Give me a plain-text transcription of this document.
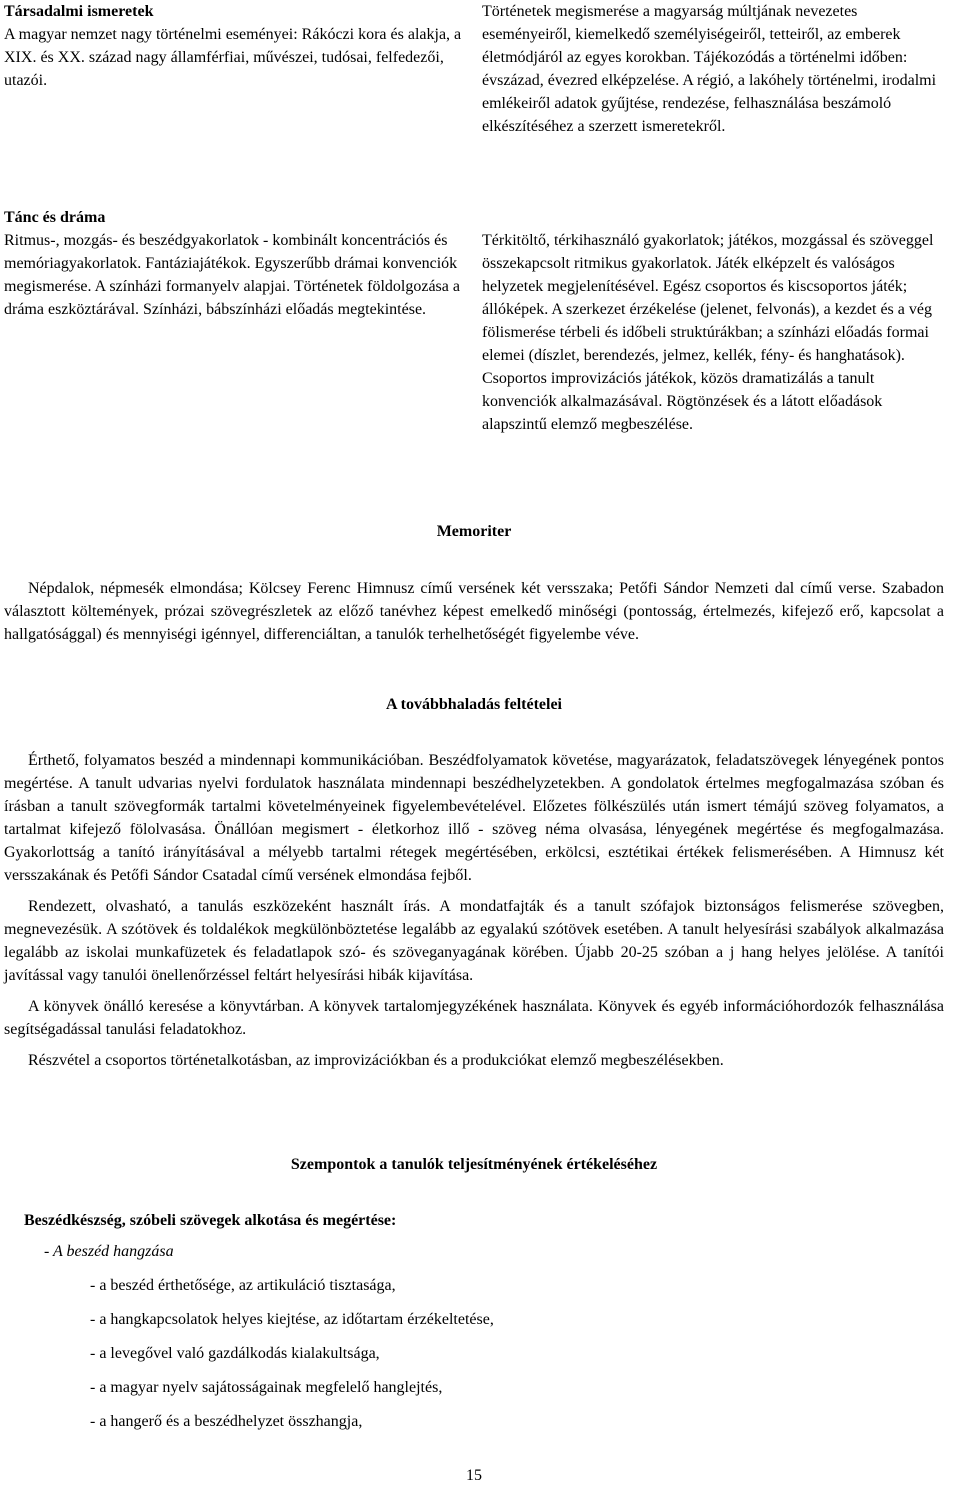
Társadalmi ismeretek

A magyar nemzet nagy történelmi eseményei: Rákóczi kora és alakja, a XIX. és XX. század nagy államférfiai, művészei, tudósai, felfedezői, utazói.

Történetek megismerése a magyarság múltjának nevezetes eseményeiről, kiemelkedő személyiségeiről, tetteiről, az emberek életmódjáról az egyes korokban. Tájékozódás a történelmi időben: évszázad, évezred elképzelése. A régió, a lakóhely történelmi, irodalmi emlékeiről adatok gyűjtése, rendezése, felhasználása beszámoló elkészítéséhez a szerzett ismeretekről.

Tánc és dráma

Ritmus-, mozgás- és beszédgyakorlatok - kombinált koncentrációs és memóriagyakorlatok. Fantáziajátékok. Egyszerűbb drámai konvenciók megismerése. A színházi formanyelv alapjai. Történetek földolgozása a dráma eszköztárával. Színházi, bábszínházi előadás megtekintése.

Térkitöltő, térkihasználó gyakorlatok; játékos, mozgással és szöveggel összekapcsolt ritmikus gyakorlatok. Játék elképzelt és valóságos helyzetek megjelenítésével. Egész csoportos és kiscsoportos játék; állóképek. A szerkezet érzékelése (jelenet, felvonás), a kezdet és a vég fölismerése térbeli és időbeli struktúrákban; a színházi előadás formai elemei (díszlet, berendezés, jelmez, kellék, fény- és hanghatások). Csoportos improvizációs játékok, közös dramatizálás a tanult konvenciók alkalmazásával. Rögtönzések és a látott előadások alapszintű elemző megbeszélése.

Memoriter

Népdalok, népmesék elmondása; Kölcsey Ferenc Himnusz című versének két versszaka; Petőfi Sándor Nemzeti dal című verse. Szabadon választott költemények, prózai szövegrészletek az előző tanévhez képest emelkedő minőségi (pontosság, értelmezés, kifejező erő, kapcsolat a hallgatósággal) és mennyiségi igénnyel, differenciáltan, a tanulók terhelhetőségét figyelembe véve.

A továbbhaladás feltételei

Érthető, folyamatos beszéd a mindennapi kommunikációban. Beszédfolyamatok követése, magyarázatok, feladatszövegek lényegének pontos megértése. A tanult udvarias nyelvi fordulatok használata mindennapi beszédhelyzetekben. A gondolatok értelmes megfogalmazása szóban és írásban a tanult szövegformák tartalmi követelményeinek figyelembevételével. Előzetes fölkészülés után ismert témájú szöveg folyamatos, a tartalmat kifejező fölolvasása. Önállóan megismert - életkorhoz illő - szöveg néma olvasása, lényegének megértése és megfogalmazása. Gyakorlottság a tanító irányításával a mélyebb tartalmi rétegek megértésében, erkölcsi, esztétikai értékek felismerésében. A Himnusz két versszakának és Petőfi Sándor Csatadal című versének elmondása fejből.

Rendezett, olvasható, a tanulás eszközeként használt írás. A mondatfajták és a tanult szófajok biztonságos felismerése szövegben, megnevezésük. A szótövek és toldalékok megkülönböztetése legalább az egyalakú szótövek esetében. A tanult helyesírási szabályok alkalmazása legalább az iskolai munkafüzetek és feladatlapok szó- és szöveganyagának körében. Újabb 20-25 szóban a j hang helyes jelölése. A tanítói javítással vagy tanulói önellenőrzéssel feltárt helyesírási hibák kijavítása.

A könyvek önálló keresése a könyvtárban. A könyvek tartalomjegyzékének használata. Könyvek és egyéb információhordozók felhasználása segítségadással tanulási feladatokhoz.

Részvétel a csoportos történetalkotásban, az improvizációkban és a produkciókat elemző megbeszélésekben.

Szempontok a tanulók teljesítményének értékeléséhez

Beszédkészség, szóbeli szövegek alkotása és megértése:

- A beszéd hangzása

- a beszéd érthetősége, az artikuláció tisztasága,

- a hangkapcsolatok helyes kiejtése, az időtartam érzékeltetése,

- a levegővel való gazdálkodás kialakultsága,

- a magyar nyelv sajátosságainak megfelelő hanglejtés,

- a hangerő és a beszédhelyzet összhangja,

15
